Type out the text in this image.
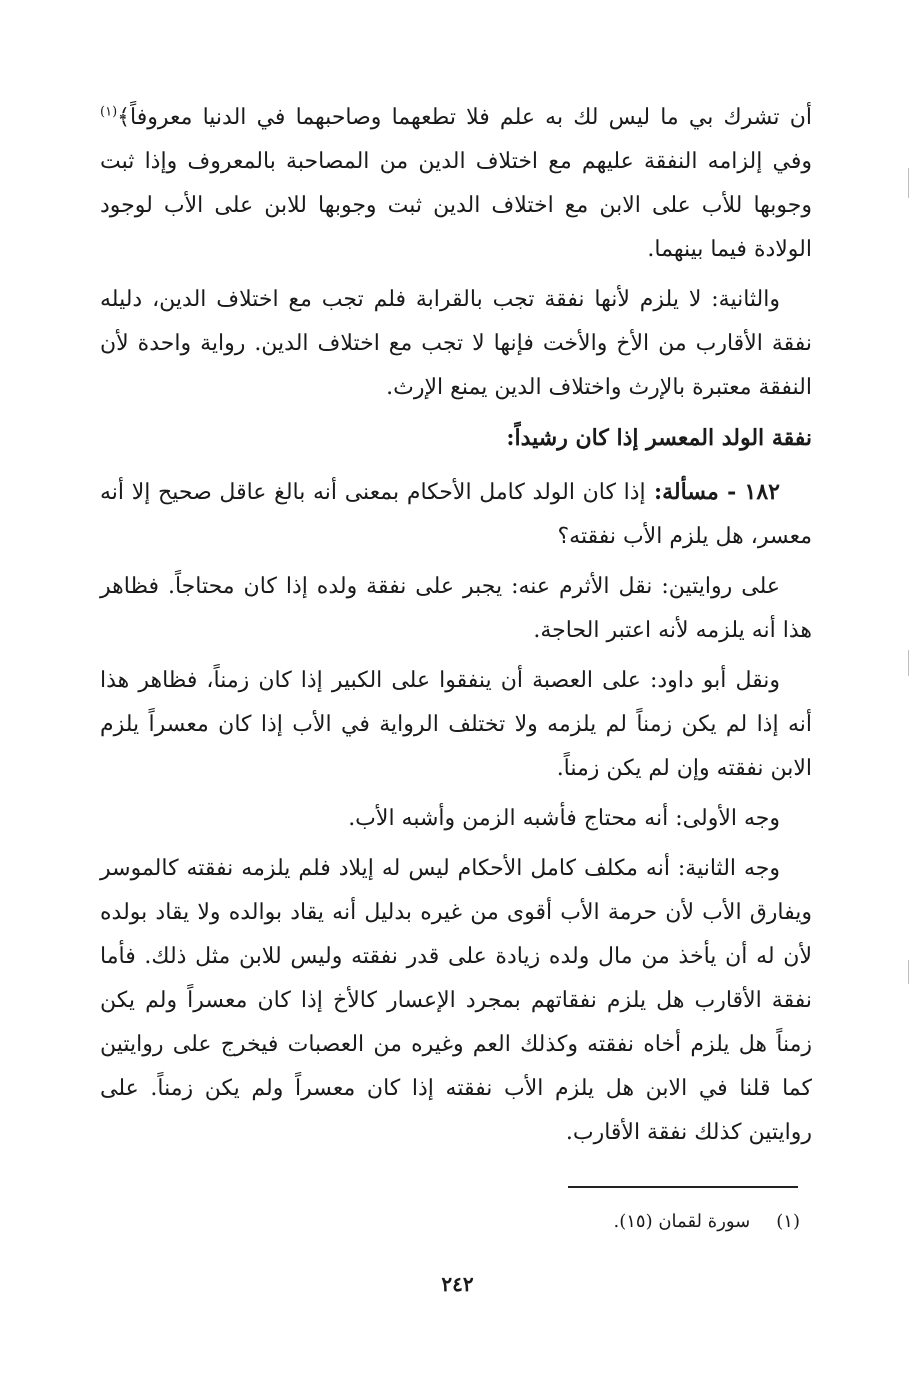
أن تشرك بي ما ليس لك به علم فلا تطعهما وصاحبهما في الدنيا معروفاً﴾$^{(١)}$ وفي إلزامه النفقة عليهم مع اختلاف الدين من المصاحبة بالمعروف وإذا ثبت وجوبها للأب على الابن مع اختلاف الدين ثبت وجوبها للابن على الأب لوجود الولادة فيما بينهما.

والثانية: لا يلزم لأنها نفقة تجب بالقرابة فلم تجب مع اختلاف الدين، دليله نفقة الأقارب من الأخ والأخت فإنها لا تجب مع اختلاف الدين. رواية واحدة لأن النفقة معتبرة بالإرث واختلاف الدين يمنع الإرث.

نفقة الولد المعسر إذا كان رشيداً:

١٨٢ - مسألة: إذا كان الولد كامل الأحكام بمعنى أنه بالغ عاقل صحيح إلا أنه معسر، هل يلزم الأب نفقته؟

على روايتين: نقل الأثرم عنه: يجبر على نفقة ولده إذا كان محتاجاً. فظاهر هذا أنه يلزمه لأنه اعتبر الحاجة.

ونقل أبو داود: على العصبة أن ينفقوا على الكبير إذا كان زمناً، فظاهر هذا أنه إذا لم يكن زمناً لم يلزمه ولا تختلف الرواية في الأب إذا كان معسراً يلزم الابن نفقته وإن لم يكن زمناً.

وجه الأولى: أنه محتاج فأشبه الزمن وأشبه الأب.

وجه الثانية: أنه مكلف كامل الأحكام ليس له إيلاد فلم يلزمه نفقته كالموسر ويفارق الأب لأن حرمة الأب أقوى من غيره بدليل أنه يقاد بوالده ولا يقاد بولده لأن له أن يأخذ من مال ولده زيادة على قدر نفقته وليس للابن مثل ذلك. فأما نفقة الأقارب هل يلزم نفقاتهم بمجرد الإعسار كالأخ إذا كان معسراً ولم يكن زمناً هل يلزم أخاه نفقته وكذلك العم وغيره من العصبات فيخرج على روايتين كما قلنا في الابن هل يلزم الأب نفقته إذا كان معسراً ولم يكن زمناً. على روايتين كذلك نفقة الأقارب.

(١)سورة لقمان (١٥).
٢٤٢
